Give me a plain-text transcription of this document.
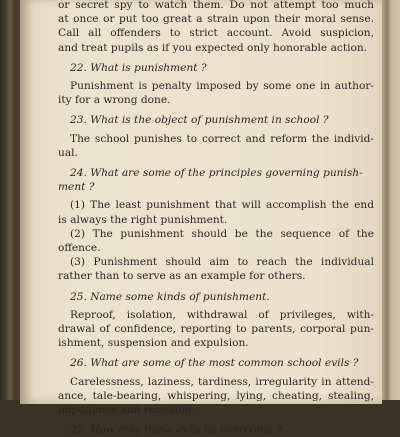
or secret spy to watch them. Do not attempt too much
at once or put too great a strain upon their moral sense.
Call all offenders to strict account. Avoid suspicion,
and treat pupils as if you expected only honorable action.
22. What is punishment ?
Punishment is penalty imposed by some one in author-
ity for a wrong done.
23. What is the object of punishment in school ?
The school punishes to correct and reform the individ-
ual.
24. What are some of the principles governing punish-
ment ?
(1) The least punishment that will accomplish the end
is always the right punishment.
(2) The punishment should be the sequence of the
offence.
(3) Punishment should aim to reach the individual
rather than to serve as an example for others.
25. Name some kinds of punishment.
Reproof, isolation, withdrawal of privileges, with-
drawal of confidence, reporting to parents, corporal pun-
ishment, suspension and expulsion.
26. What are some of the most common school evils ?
Carelessness, laziness, tardiness, irregularity in attend-
ance, tale-bearing, whispering, lying, cheating, stealing,
impudence and rebellion.
27. How may these evils be overcome ?
